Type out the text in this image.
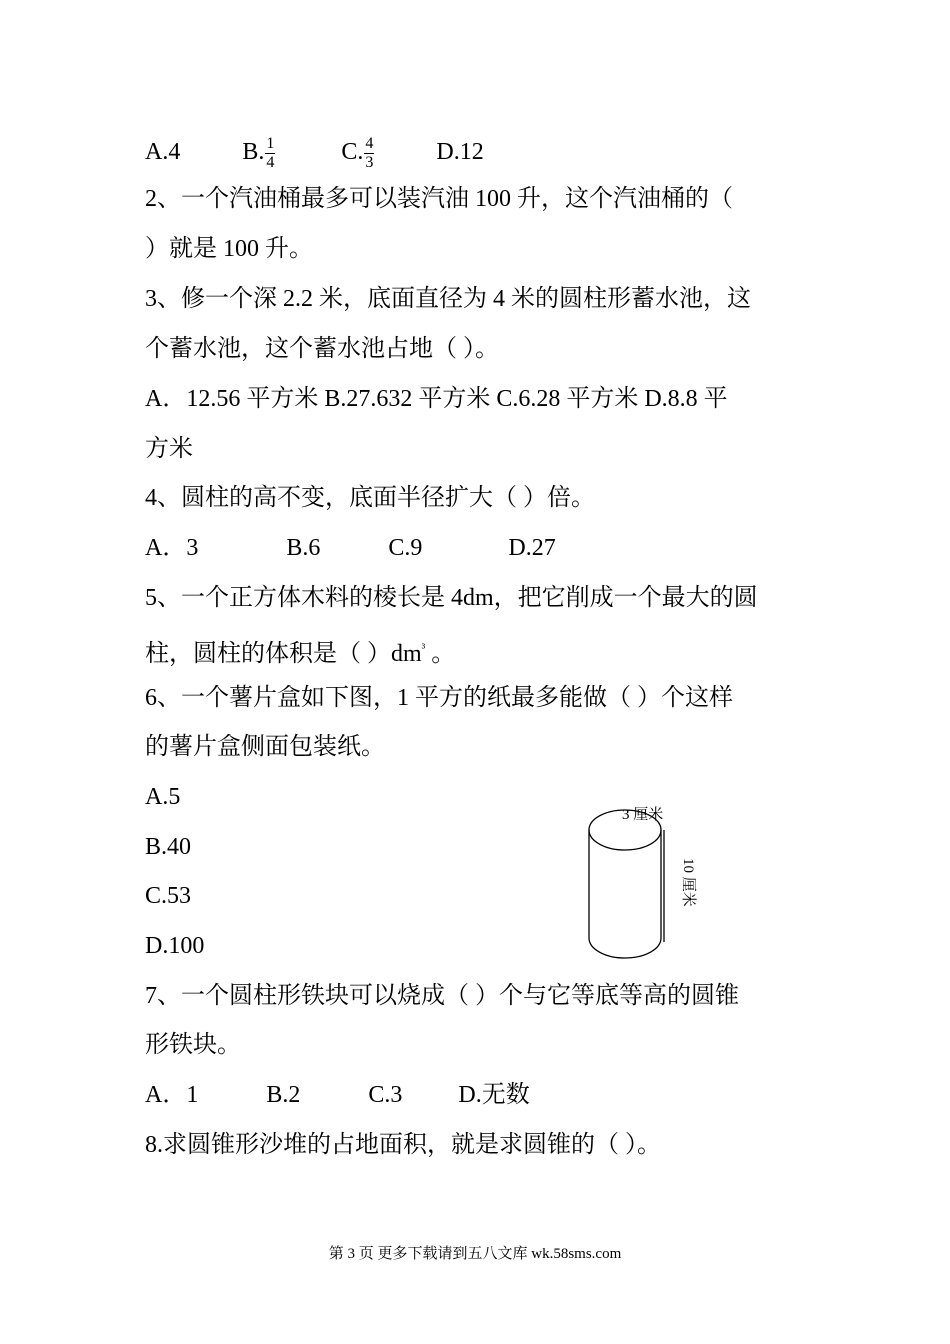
A.4	B. $\frac{1}{4}$	C. $\frac{4}{3}$	D.12
2、一个汽油桶最多可以装汽油 100 升，这个汽油桶的（
）就是 100 升。
3、修一个深 2.2 米，底面直径为 4 米的圆柱形蓄水池，这
个蓄水池，这个蓄水池占地（ ）。
A．12.56 平方米 B.27.632 平方米 C.6.28 平方米 D.8.8 平
方米
4、圆柱的高不变，底面半径扩大（ ）倍。
A．3	B.6	C.9	D.27
5、一个正方体木料的棱长是 4dm，把它削成一个最大的圆
柱，圆柱的体积是（ ）$dm^{^3}$ 。
6、一个薯片盒如下图，1 平方的纸最多能做（ ）个这样
的薯片盒侧面包装纸。
A.5
B.40
C.53
D.100
3 厘米
10 厘米
7、一个圆柱形铁块可以烧成（ ）个与它等底等高的圆锥
形铁块。
A．1	B.2	C.3 D.无数
8.求圆锥形沙堆的占地面积，就是求圆锥的（ ）。
第 3 页 更多下载请到五八文库 wk.58sms.com
